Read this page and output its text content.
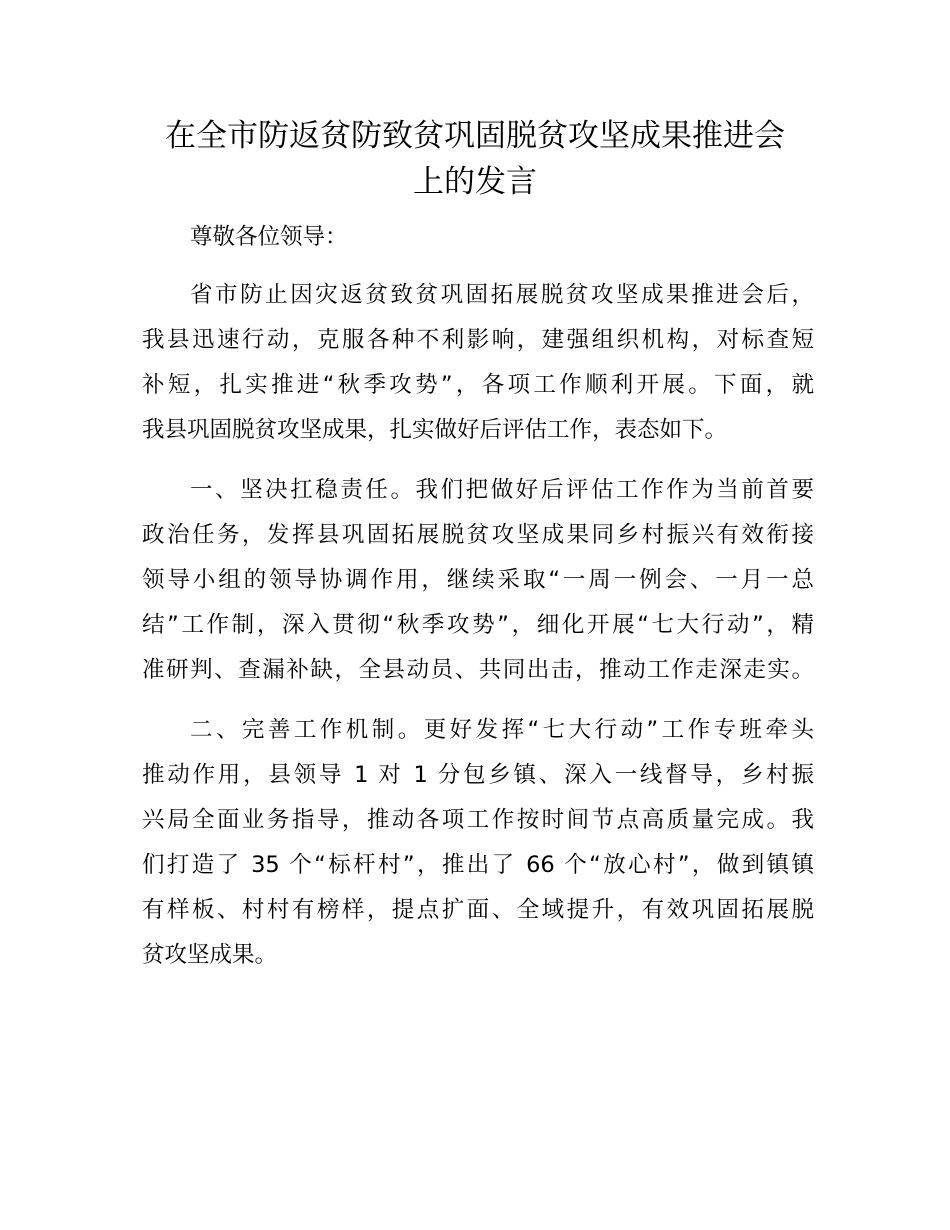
在全市防返贫防致贫巩固脱贫攻坚成果推进会
上的发言

尊敬各位领导：

省市防止因灾返贫致贫巩固拓展脱贫攻坚成果推进会后，
我县迅速行动，克服各种不利影响，建强组织机构，对标查短
补短，扎实推进“秋季攻势”，各项工作顺利开展。下面，就
我县巩固脱贫攻坚成果，扎实做好后评估工作，表态如下。

一、坚决扛稳责任。我们把做好后评估工作作为当前首要
政治任务，发挥县巩固拓展脱贫攻坚成果同乡村振兴有效衔接
领导小组的领导协调作用，继续采取“一周一例会、一月一总
结”工作制，深入贯彻“秋季攻势”，细化开展“七大行动”，精
准研判、查漏补缺，全县动员、共同出击，推动工作走深走实。

二、完善工作机制。更好发挥“七大行动”工作专班牵头
推动作用，县领导 1 对 1 分包乡镇、深入一线督导，乡村振
兴局全面业务指导，推动各项工作按时间节点高质量完成。我
们打造了 35 个“标杆村”，推出了 66 个“放心村”，做到镇镇
有样板、村村有榜样，提点扩面、全域提升，有效巩固拓展脱
贫攻坚成果。
